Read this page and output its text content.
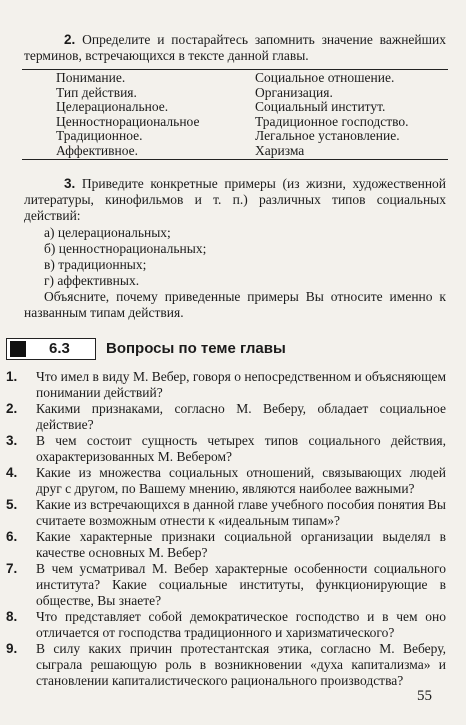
2. Определите и постарайтесь запомнить значение важнейших терминов, встречающихся в тексте данной главы.
Понимание.
Тип действия.
Целерациональное.
Ценностнорациональное
Традиционное.
Аффективное.
Социальное отношение.
Организация.
Социальный институт.
Традиционное господство.
Легальное установление.
Харизма
3. Приведите конкретные примеры (из жизни, художественной литературы, кинофильмов и т. п.) различных типов социальных действий:
а) целерациональных;
б) ценностнорациональных;
в) традиционных;
г) аффективных.
Объясните, почему приведенные примеры Вы относите именно к названным типам действия.
6.3 Вопросы по теме главы
1. Что имел в виду М. Вебер, говоря о непосредственном и объясняющем понимании действий?
2. Какими признаками, согласно М. Веберу, обладает социальное действие?
3. В чем состоит сущность четырех типов социального действия, охарактеризованных М. Вебером?
4. Какие из множества социальных отношений, связывающих людей друг с другом, по Вашему мнению, являются наиболее важными?
5. Какие из встречающихся в данной главе учебного пособия понятия Вы считаете возможным отнести к «идеальным типам»?
6. Какие характерные признаки социальной организации выделял в качестве основных М. Вебер?
7. В чем усматривал М. Вебер характерные особенности социального института? Какие социальные институты, функционирующие в обществе, Вы знаете?
8. Что представляет собой демократическое господство и в чем оно отличается от господства традиционного и харизматического?
9. В силу каких причин протестантская этика, согласно М. Веберу, сыграла решающую роль в возникновении «духа капитализма» и становлении капиталистического рационального производства?
55
